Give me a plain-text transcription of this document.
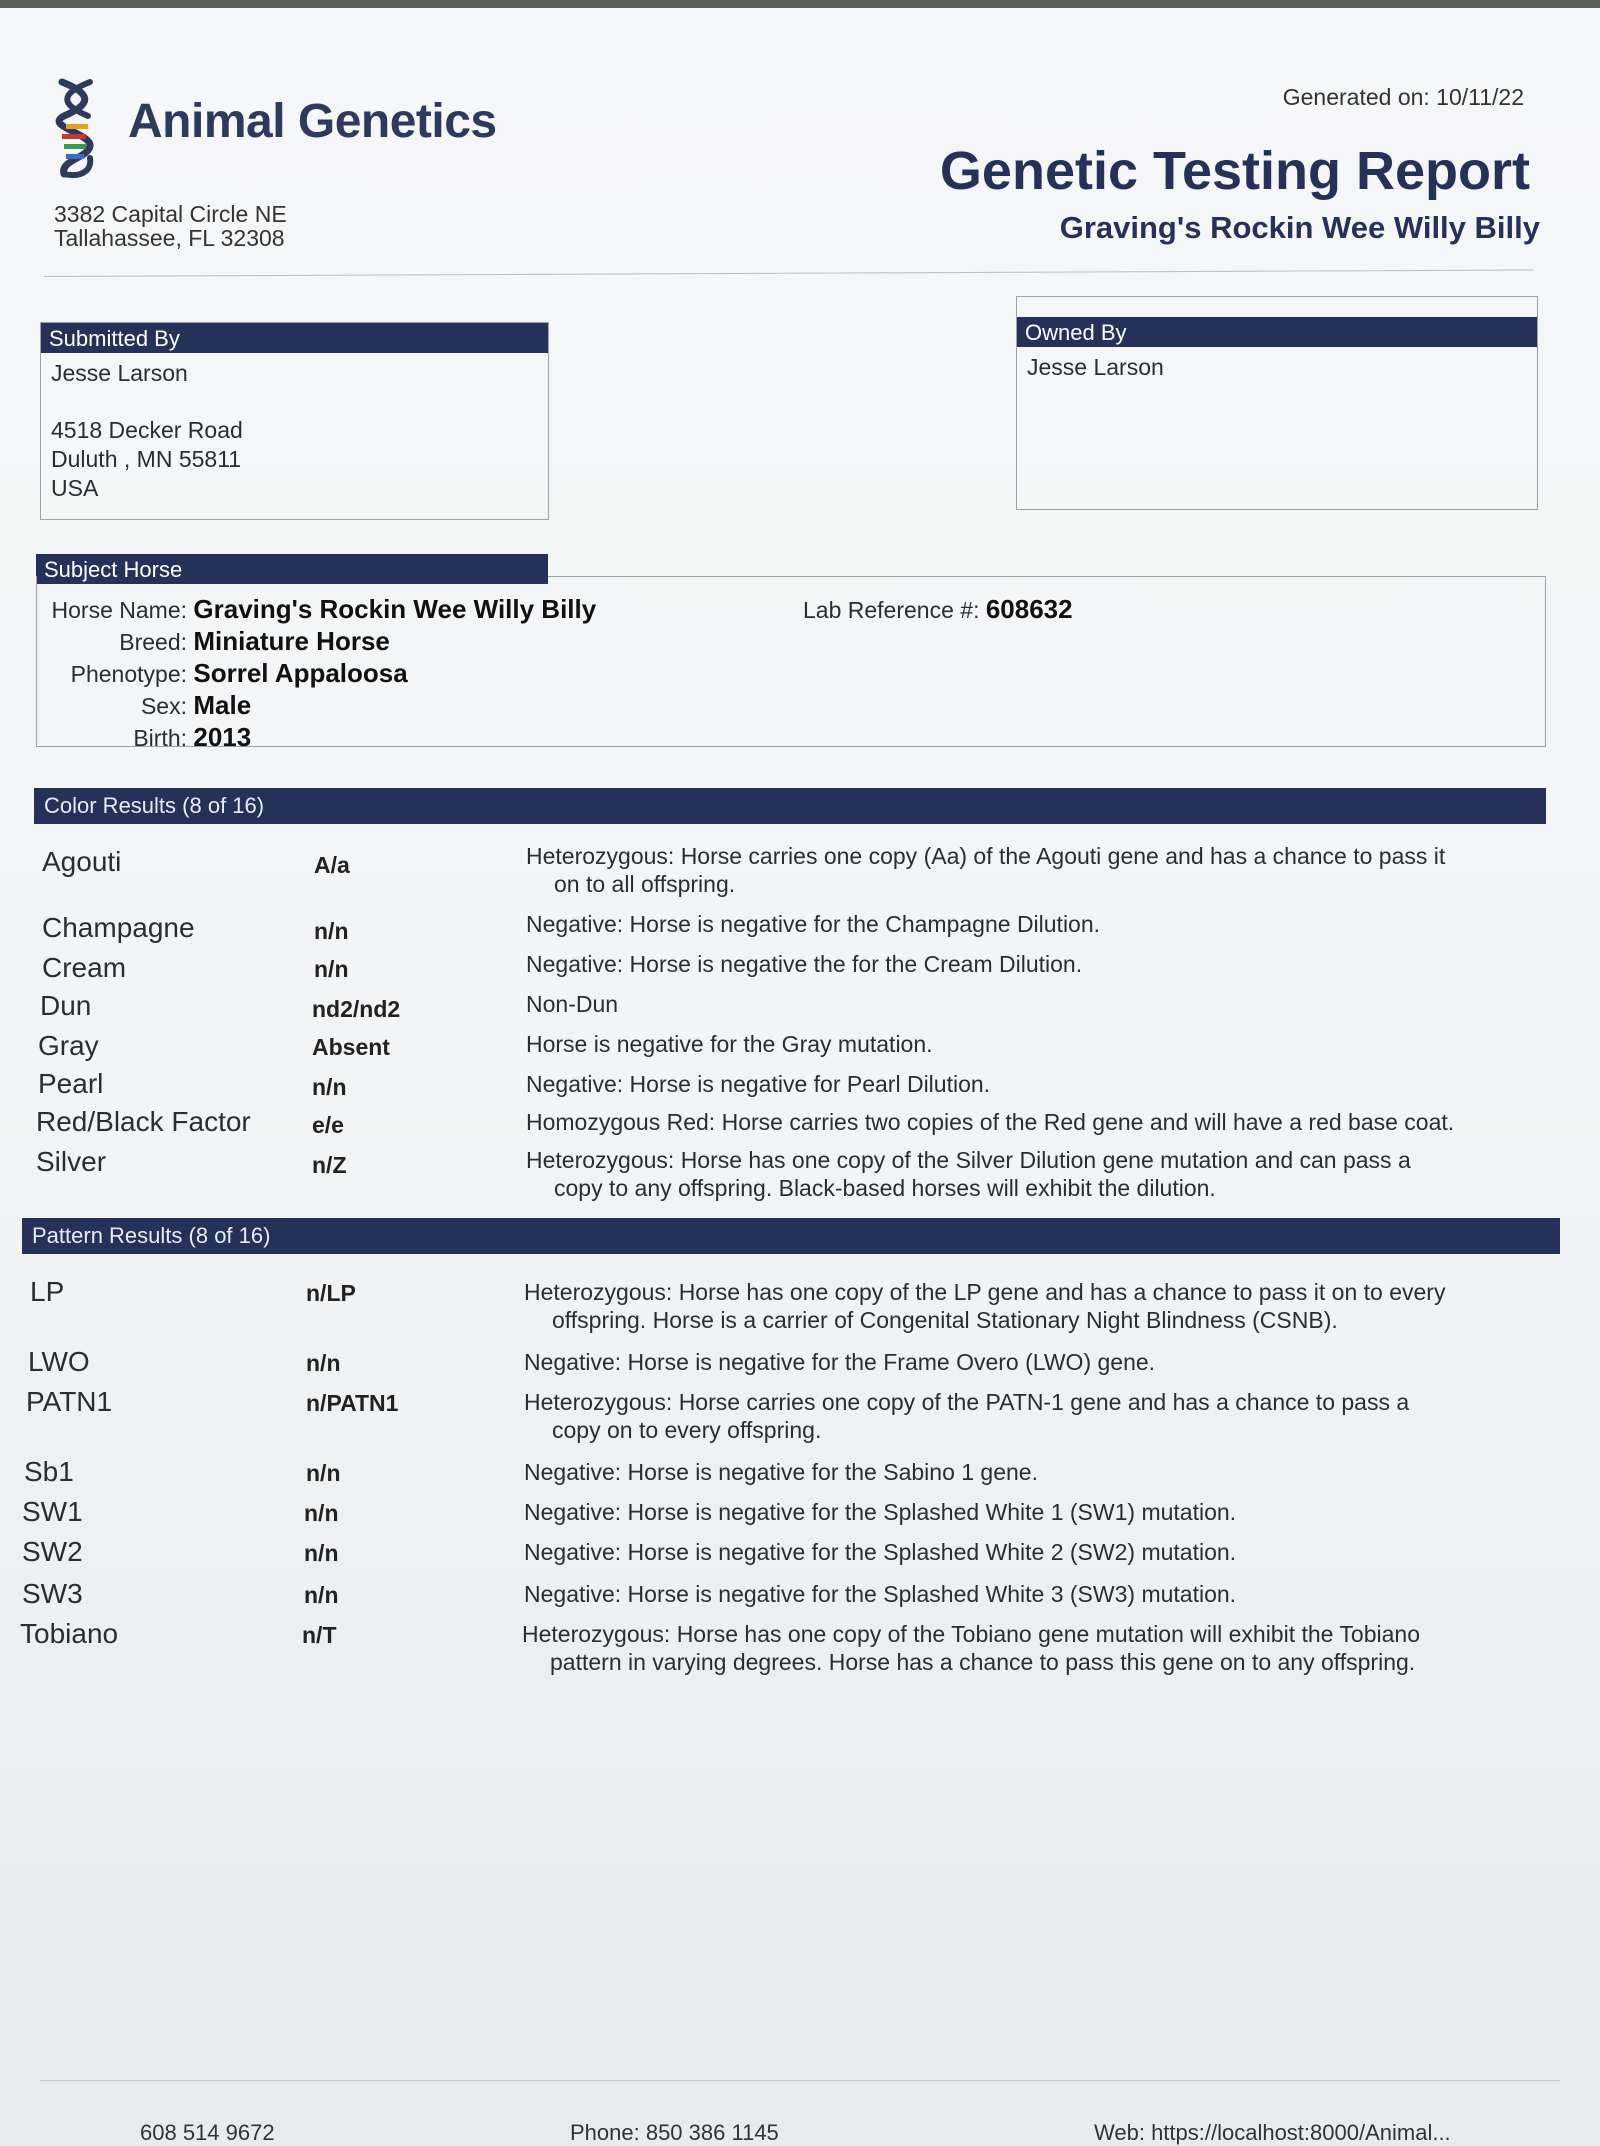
Animal Genetics
3382 Capital Circle NE
Tallahassee, FL 32308
Generated on: 10/11/22
Genetic Testing Report
Graving's Rockin Wee Willy Billy
Submitted By
Jesse Larson
4518 Decker Road
Duluth , MN 55811
USA
Owned By
Jesse Larson
Subject Horse
Horse Name: Graving's Rockin Wee Willy Billy
Breed: Miniature Horse
Phenotype: Sorrel Appaloosa
Sex: Male
Birth: 2013
Lab Reference #: 608632
Color Results (8 of 16)
Agouti	A/a	Heterozygous: Horse carries one copy (Aa) of the Agouti gene and has a chance to pass it
on to all offspring.
Champagne	n/n	Negative: Horse is negative for the Champagne Dilution.
Cream	n/n	Negative: Horse is negative the for the Cream Dilution.
Dun	nd2/nd2	Non-Dun
Gray	Absent	Horse is negative for the Gray mutation.
Pearl	n/n	Negative: Horse is negative for Pearl Dilution.
Red/Black Factor	e/e	Homozygous Red: Horse carries two copies of the Red gene and will have a red base coat.
Silver	n/Z	Heterozygous: Horse has one copy of the Silver Dilution gene mutation and can pass a
copy to any offspring. Black-based horses will exhibit the dilution.
Pattern Results (8 of 16)
LP	n/LP	Heterozygous: Horse has one copy of the LP gene and has a chance to pass it on to every
offspring. Horse is a carrier of Congenital Stationary Night Blindness (CSNB).
LWO	n/n	Negative: Horse is negative for the Frame Overo (LWO) gene.
PATN1	n/PATN1	Heterozygous: Horse carries one copy of the PATN-1 gene and has a chance to pass a
copy on to every offspring.
Sb1	n/n	Negative: Horse is negative for the Sabino 1 gene.
SW1	n/n	Negative: Horse is negative for the Splashed White 1 (SW1) mutation.
SW2	n/n	Negative: Horse is negative for the Splashed White 2 (SW2) mutation.
SW3	n/n	Negative: Horse is negative for the Splashed White 3 (SW3) mutation.
Tobiano	n/T	Heterozygous: Horse has one copy of the Tobiano gene mutation will exhibit the Tobiano
pattern in varying degrees. Horse has a chance to pass this gene on to any offspring.
608 514 9672	Phone: 850 386 1145	Web: https://localhost:8000/Animal...
